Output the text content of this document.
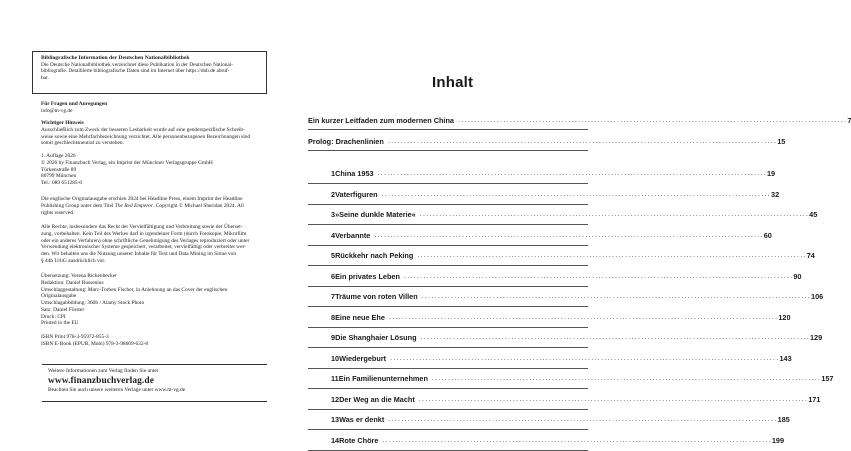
Bibliografische Information der Deutschen Nationalbibliothek
Die Deutsche Nationalbibliothek verzeichnet diese Publikation in der Deutschen National-
bibliografie. Detaillierte bibliografische Daten sind im Internet über https://dnb.de abruf-
bar.
Für Fragen und Anregungen
info@m-vg.de
Wichtiger Hinweis
Ausschließlich zum Zweck der besseren Lesbarkeit wurde auf eine genderspezifische Schreib-
weise sowie eine Mehrfachbezeichnung verzichtet. Alle personenbezogenen Bezeichnungen sind
somit geschlechtsneutral zu verstehen.
1. Auflage 2026
© 2026 by Finanzbuch Verlag, ein Imprint der Münchner Verlagsgruppe GmbH
Türkenstraße 89
80799 München
Tel.: 089 651285-0
Die englische Originalausgabe erschien 2024 bei Headline Press, einem Imprint der Headline
Publishing Group unter dem Titel The Red Emperor. Copyright © Michael Sheridan 2024. All
rights reserved.
Alle Rechte, insbesondere das Recht der Vervielfältigung und Verbreitung sowie der Überset-
zung, vorbehalten. Kein Teil des Werkes darf in irgendeiner Form (durch Fotokopie, Mikrofilm
oder ein anderes Verfahren) ohne schriftliche Genehmigung des Verlages reproduziert oder unter
Verwendung elektronischer Systeme gespeichert, verarbeitet, vervielfältigt oder verbreitet wer-
den. Wir behalten uns die Nutzung unserer Inhalte für Text und Data Mining im Sinne von
§ 44b UrhG ausdrücklich vor.
Übersetzung: Verena Rickenbecker
Redaktion: Daniel Bussenius
Umschlaggestaltung: Marc-Torben Fischer, in Anlehnung an das Cover der englischen
Originalausgabe
Umschlagabbildung: 360b / Alamy Stock Photo
Satz: Daniel Förster
Druck: CPI
Printed in the EU
ISBN Print 978-3-95972-855-3
ISBN E-Book (EPUB, Mobi) 978-3-98609-632-8
Weitere Informationen zum Verlag finden Sie unter
www.finanzbuchverlag.de
Beachten Sie auch unsere weiteren Verlage unter www.m-vg.de
Inhalt
Ein kurzer Leitfaden zum modernen China ........................................................................................................................ 7
Prolog: Drachenlinien ........................................................................................................................ 15
1 China 1953 ........................................................................................................................ 19
2 Vaterfiguren ........................................................................................................................ 32
3 »Seine dunkle Materie« ........................................................................................................................ 45
4 Verbannte ........................................................................................................................ 60
5 Rückkehr nach Peking ........................................................................................................................ 74
6 Ein privates Leben ........................................................................................................................ 90
7 Träume von roten Villen ........................................................................................................................ 106
8 Eine neue Ehe ........................................................................................................................ 120
9 Die Shanghaier Lösung ........................................................................................................................ 129
10 Wiedergeburt ........................................................................................................................ 143
11 Ein Familienunternehmen ........................................................................................................................ 157
12 Der Weg an die Macht ........................................................................................................................ 171
13 Was er denkt ........................................................................................................................ 185
14 Rote Chöre ........................................................................................................................ 199
